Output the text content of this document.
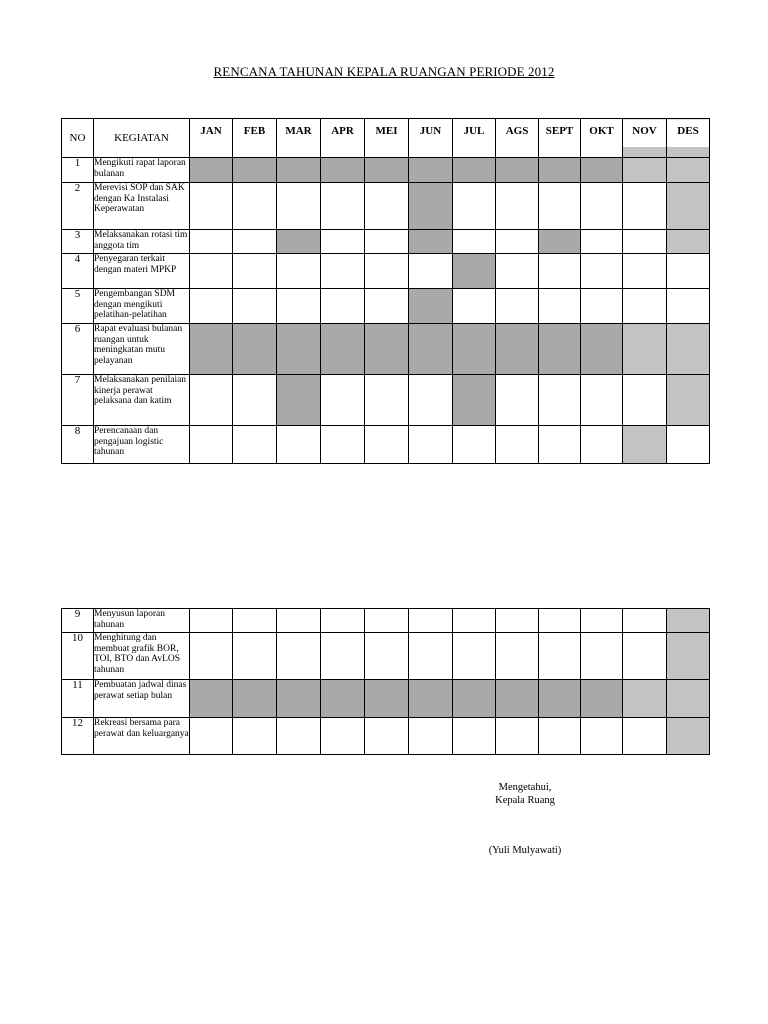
RENCANA TAHUNAN KEPALA RUANGAN PERIODE 2012
NO	KEGIATAN	JAN	FEB	MAR	APR	MEI	JUN	JUL	AGS	SEPT	OKT	NOV	DES
1	Mengikuti rapat laporan bulanan												
2	Merevisi SOP dan SAK dengan Ka Instalasi Keperawatan												
3	Melaksanakan rotasi tim anggota tim												
4	Penyegaran terkait dengan materi MPKP												
5	Pengembangan SDM dengan mengikuti pelatihan-pelatihan												
6	Rapat evaluasi bulanan ruangan untuk meningkatan mutu pelayanan												
7	Melaksanakan penilaian kinerja perawat pelaksana dan katim												
8	Perencanaan dan pengajuan logistic tahunan												
9	Menyusun laporan tahunan												
10	Menghitung dan membuat grafik BOR, TOI, BTO dan AvLOS tahunan												
11	Pembuatan jadwal dinas perawat setiap bulan												
12	Rekreasi bersama para perawat dan keluarganya												
Mengetahui,
Kepala Ruang
(Yuli Mulyawati)
